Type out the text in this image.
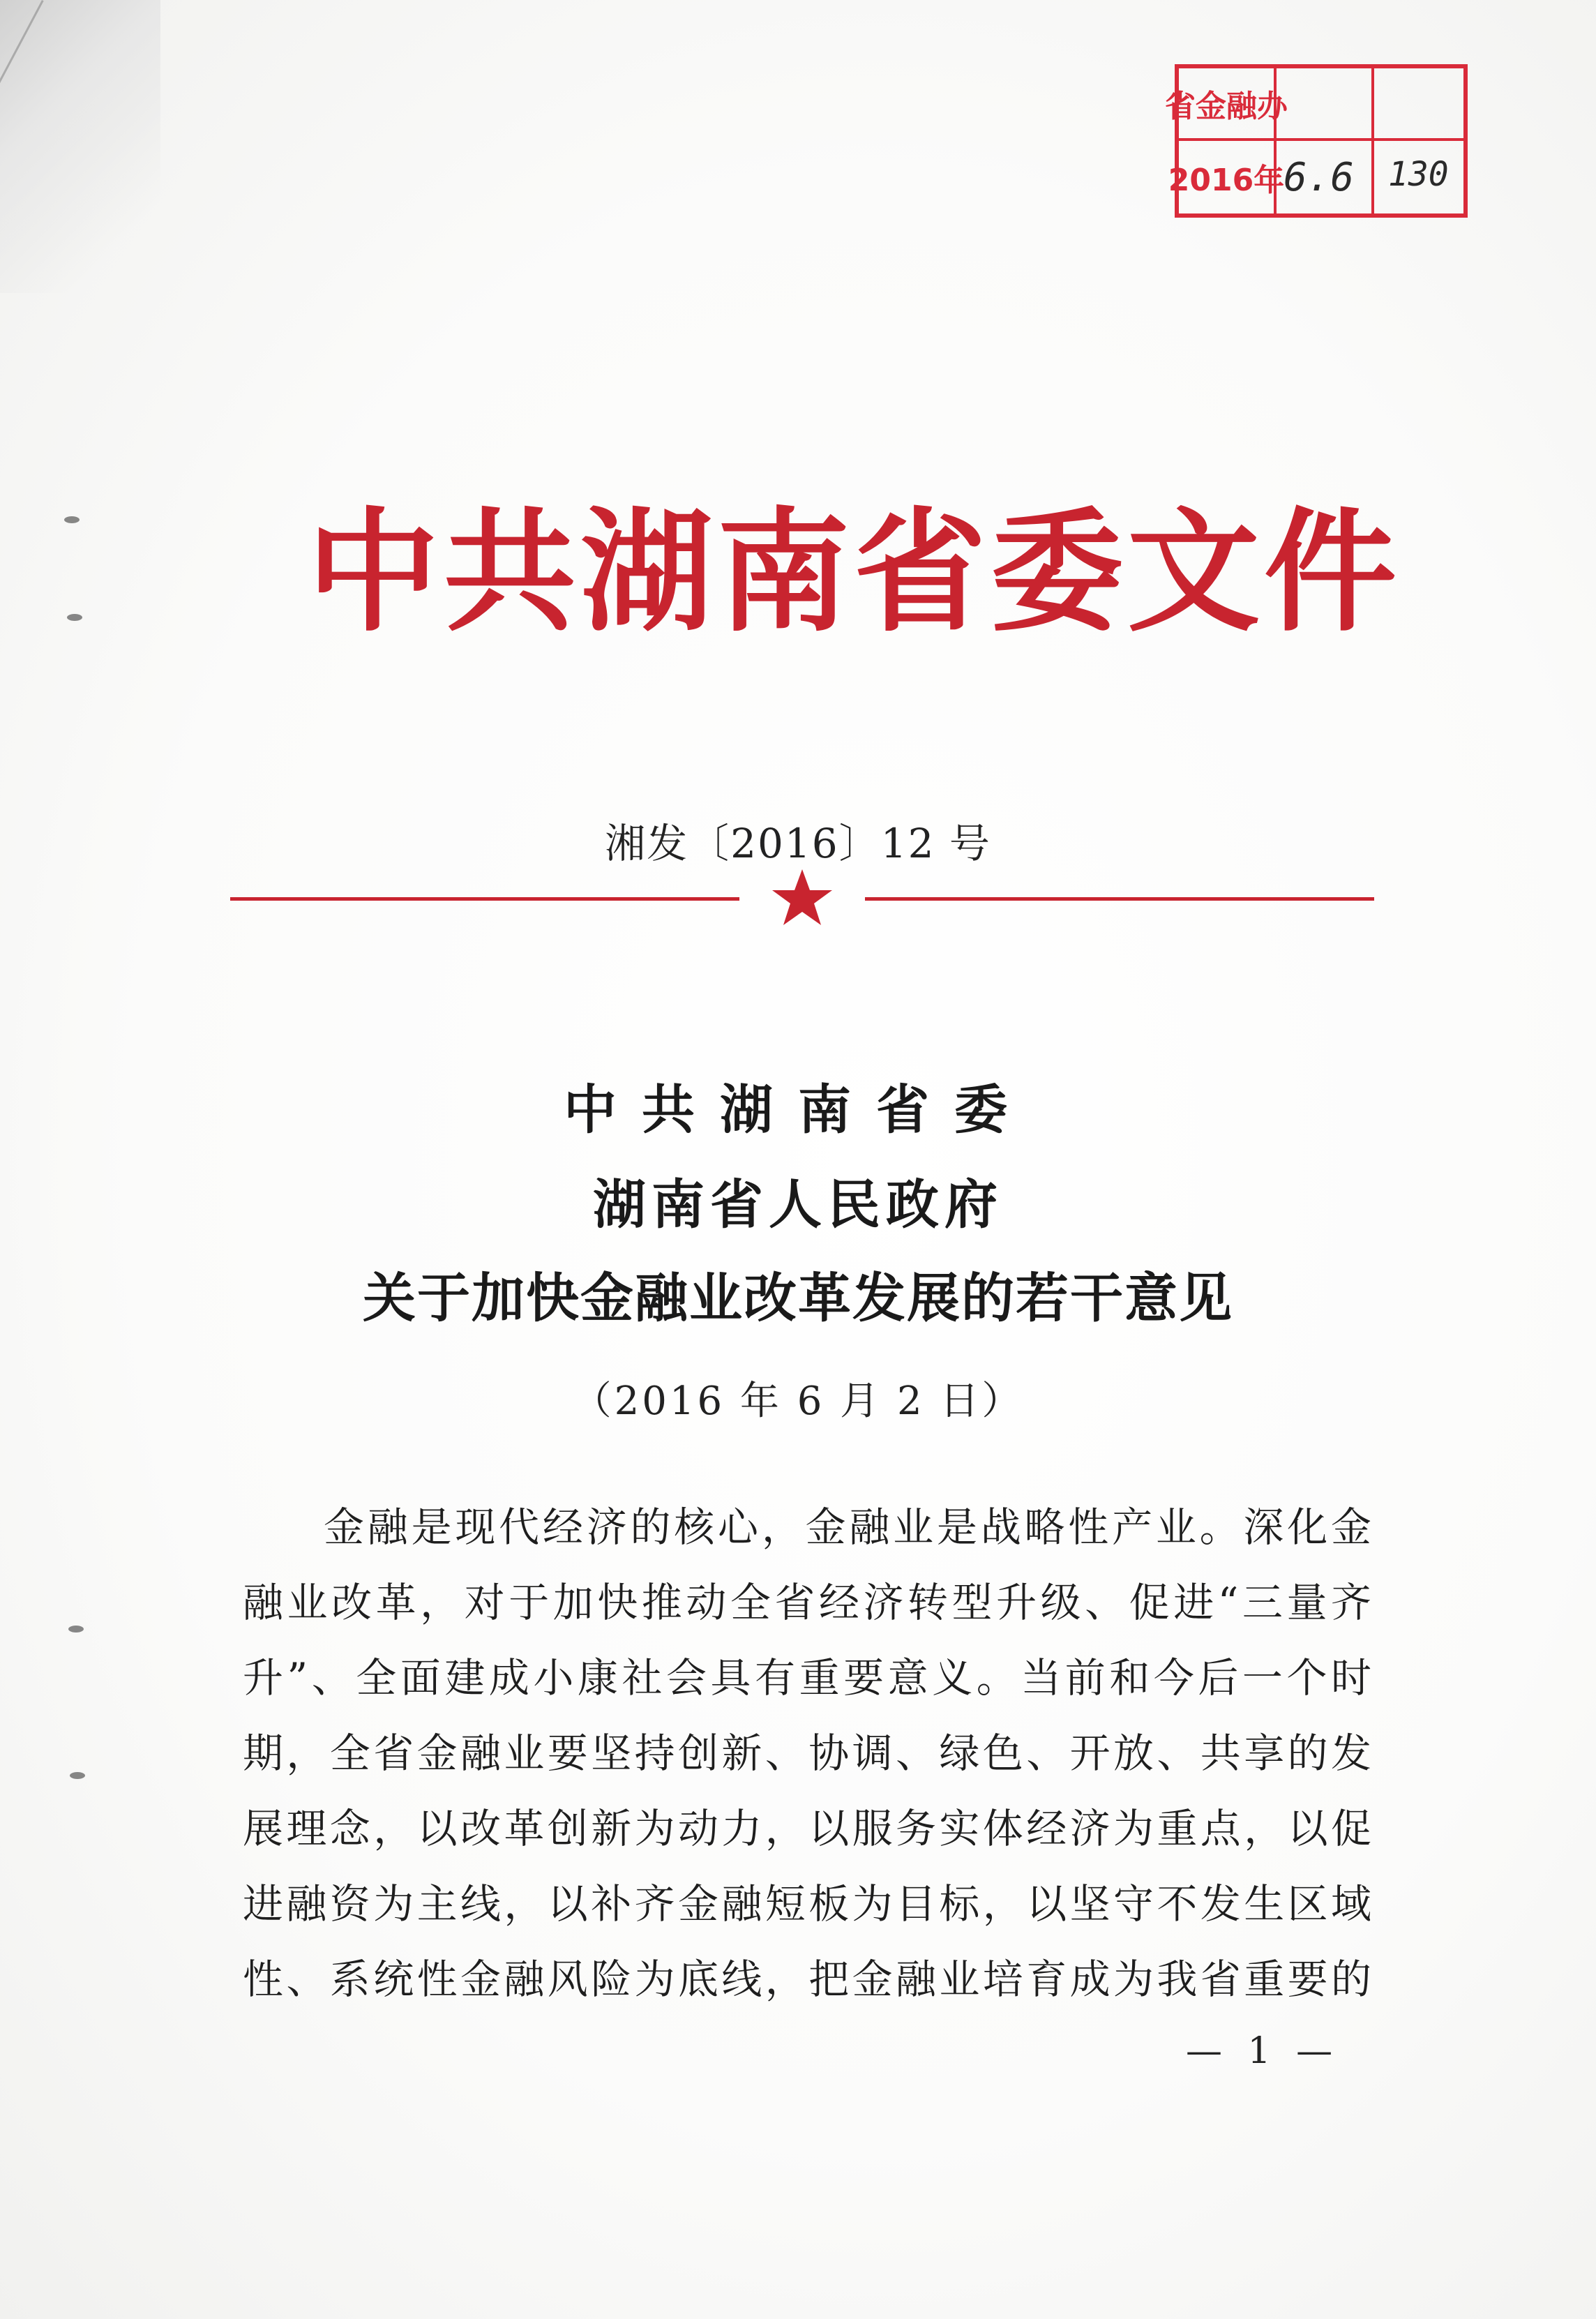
省金融办
2016年
6.6 130
中共湖南省委文件
湘发〔2016〕12 号
中共湖南省委
湖南省人民政府
关于加快金融业改革发展的若干意见
（2016 年 6 月 2 日）
金融是现代经济的核心，金融业是战略性产业。深化金
融业改革，对于加快推动全省经济转型升级、促进“三量齐
升”、全面建成小康社会具有重要意义。当前和今后一个时
期，全省金融业要坚持创新、协调、绿色、开放、共享的发
展理念，以改革创新为动力，以服务实体经济为重点，以促
进融资为主线，以补齐金融短板为目标，以坚守不发生区域
性、系统性金融风险为底线，把金融业培育成为我省重要的
— 1 —
